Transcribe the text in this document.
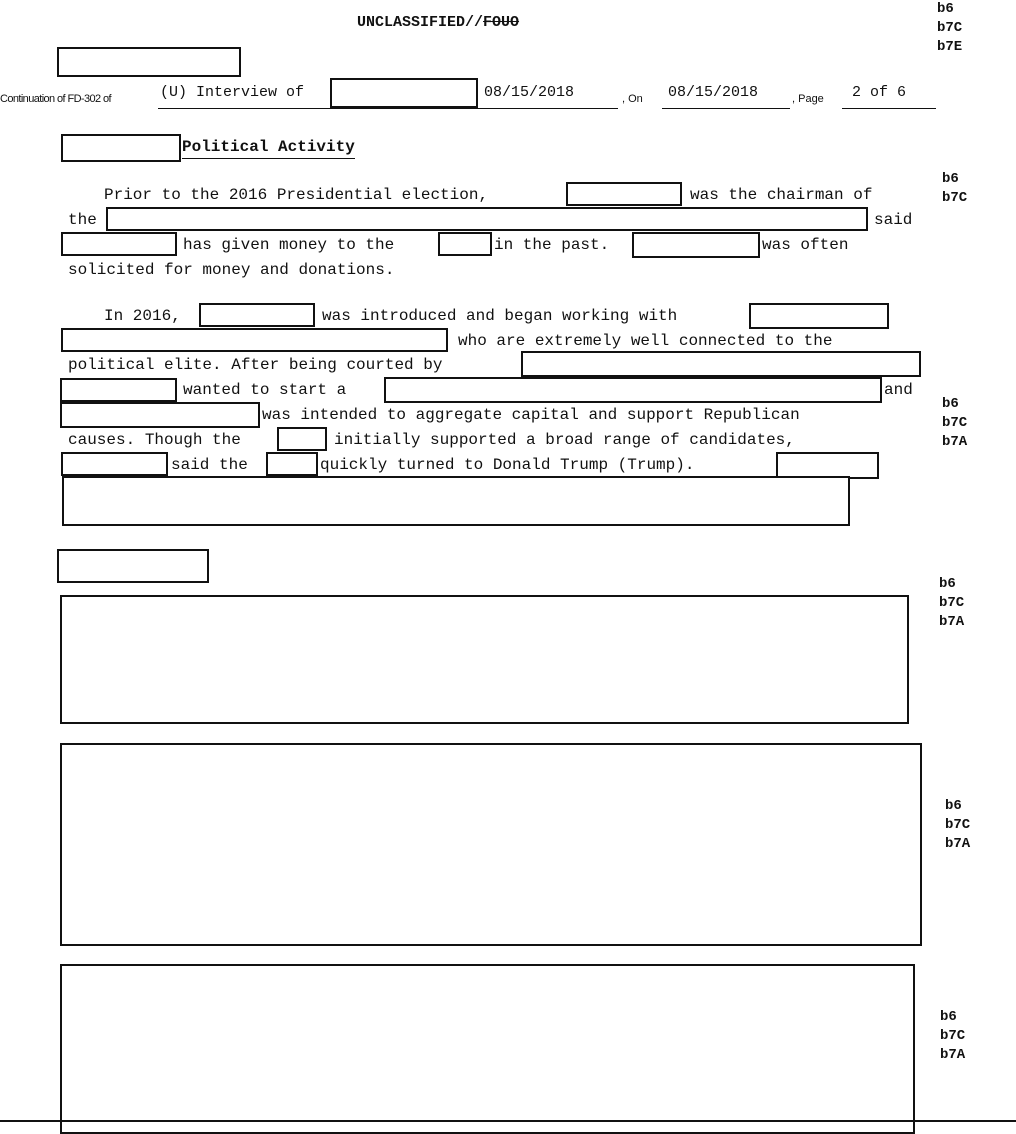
UNCLASSIFIED//FOUO
b6
b7C
b7E
Continuation of FD-302 of	(U) Interview of	08/15/2018	, On 08/15/2018	, Page 2 of 6
Political Activity
Prior to the 2016 Presidential election,	was the chairman of
b6
b7C
the	said
has given money to the	in the past.	was often
solicited for money and donations.
In 2016,	was introduced and began working with
who are extremely well connected to the
political elite. After being courted by
wanted to start a	and
was intended to aggregate capital and support Republican
causes. Though the	initially supported a broad range of candidates,
said the	quickly turned to Donald Trump (Trump).
b6
b7C
b7A
b6
b7C
b7A
b6
b7C
b7A
b6
b7C
b7A
